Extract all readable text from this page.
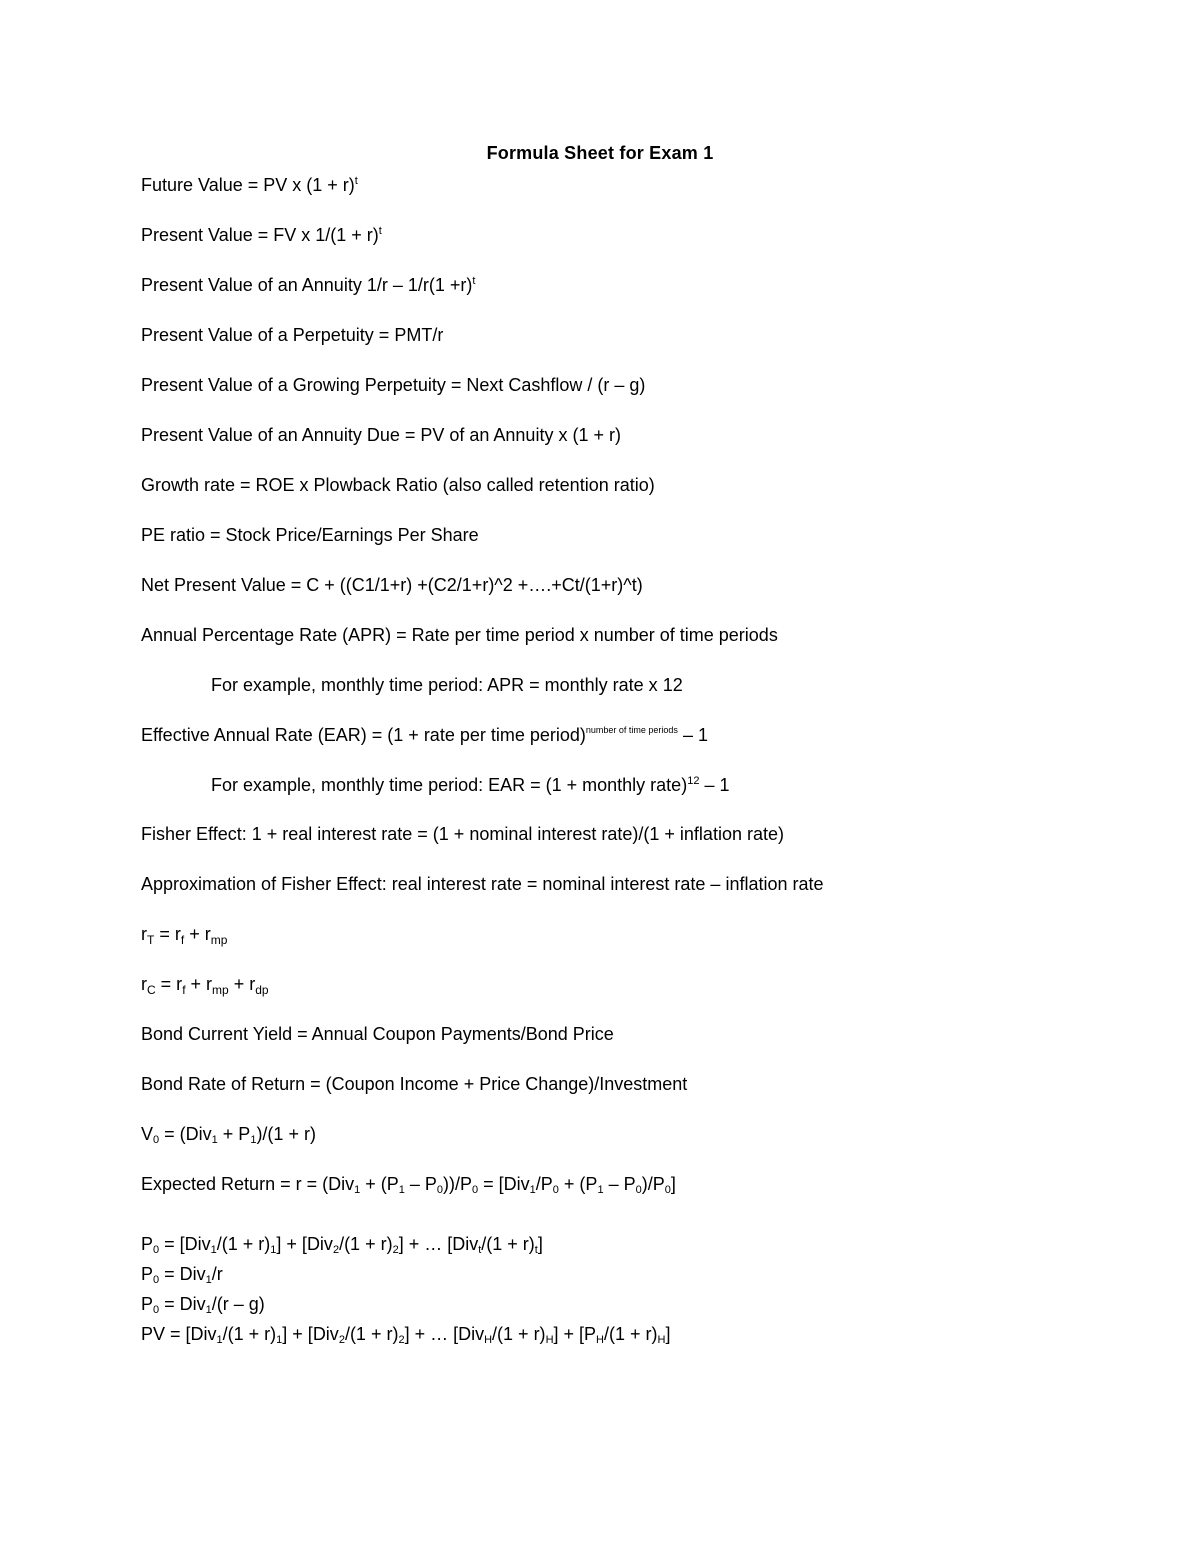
Formula Sheet for Exam 1
Future Value = PV x $(1 + r)^t$
Present Value = FV x $1/(1 + r)^t$
Present Value of an Annuity $1/r - 1/r(1 +r)^t$
Present Value of a Perpetuity = PMT/r
Present Value of a Growing Perpetuity = Next Cashflow / (r – g)
Present Value of an Annuity Due = PV of an Annuity x (1 + r)
Growth rate = ROE x Plowback Ratio (also called retention ratio)
PE ratio = Stock Price/Earnings Per Share
Net Present Value = C + ((C1/1+r) +(C2/1+r)^2 +….+Ct/(1+r)^t)
Annual Percentage Rate (APR) = Rate per time period x number of time periods
For example, monthly time period: APR = monthly rate x 12
Effective Annual Rate (EAR) = (1 + rate per time period)$^{number of time periods}$ – 1
For example, monthly time period: EAR = (1 + monthly rate)$^{12}$ – 1
Fisher Effect: 1 + real interest rate = (1 + nominal interest rate)/(1 + inflation rate)
Approximation of Fisher Effect: real interest rate = nominal interest rate – inflation rate
$r_T = r_f + r_{mp}$
$r_C = r_f + r_{mp} + r_{dp}$
Bond Current Yield = Annual Coupon Payments/Bond Price
Bond Rate of Return = (Coupon Income + Price Change)/Investment
$V_0 = (Div_1 + P_1)/(1 + r)$
Expected Return = $r = (Div_1 + (P_1 - P_0))/P_0 = [Div_1/P_0 + (P_1 - P_0)/P_0]$
$P_0 = [Div_1/(1 + r)_1] + [Div_2/(1 + r)_2]$ + … $[Div_t/(1 + r)_t]$
$P_0 = Div_1/r$
$P_0 = Div_1/(r - g)$
PV = $[Div_1/(1 + r)_1] + [Div_2/(1 + r)_2]$ + … $[Div_H/(1 + r)_H] + [P_H/(1 + r)_H]$
